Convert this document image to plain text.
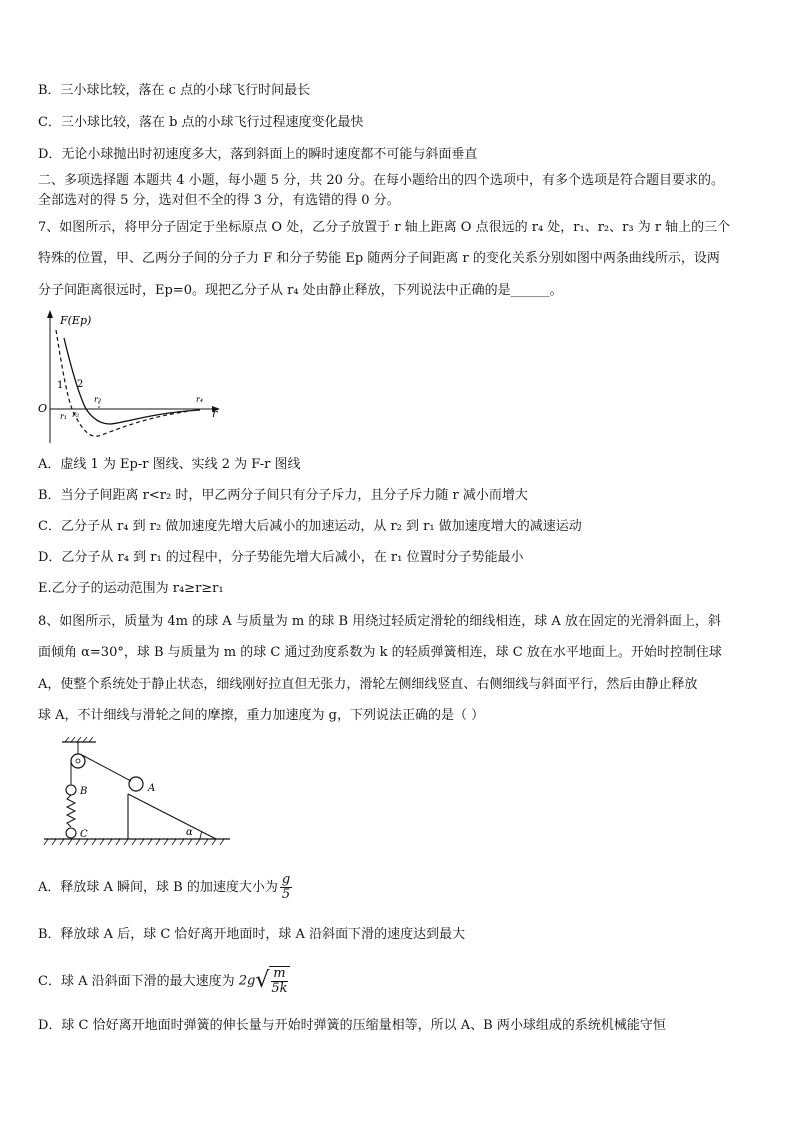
B．三小球比较，落在 c 点的小球飞行时间最长
C．三小球比较，落在 b 点的小球飞行过程速度变化最快
D．无论小球抛出时初速度多大，落到斜面上的瞬时速度都不可能与斜面垂直
二、多项选择题 本题共 4 小题，每小题 5 分，共 20 分。在每小题给出的四个选项中，有多个选项是符合题目要求的。
全部选对的得 5 分，选对但不全的得 3 分，有选错的得 0 分。
7、如图所示，将甲分子固定于坐标原点 O 处，乙分子放置于 r 轴上距离 O 点很远的 r₄ 处，r₁、r₂、r₃ 为 r 轴上的三个
特殊的位置，甲、乙两分子间的分子力 F 和分子势能 Ep 随两分子间距离 r 的变化关系分别如图中两条曲线所示，设两
分子间距离很远时，Ep=0。现把乙分子从 r₄ 处由静止释放，下列说法中正确的是______。
F(Ep)
O	r
1 2
r₁ r₂
r₃	r₄
A．虚线 1 为 Ep-r 图线、实线 2 为 F-r 图线
B．当分子间距离 r<r₂ 时，甲乙两分子间只有分子斥力，且分子斥力随 r 减小而增大
C．乙分子从 r₄ 到 r₂ 做加速度先增大后减小的加速运动，从 r₂ 到 r₁ 做加速度增大的减速运动
D．乙分子从 r₄ 到 r₁ 的过程中，分子势能先增大后减小，在 r₁ 位置时分子势能最小
E.乙分子的运动范围为 r₄≥r≥r₁
8、如图所示，质量为 4m 的球 A 与质量为 m 的球 B 用绕过轻质定滑轮的细线相连，球 A 放在固定的光滑斜面上，斜
面倾角 α=30°，球 B 与质量为 m 的球 C 通过劲度系数为 k 的轻质弹簧相连，球 C 放在水平地面上。开始时控制住球
A，使整个系统处于静止状态，细线刚好拉直但无张力，滑轮左侧细线竖直、右侧细线与斜面平行，然后由静止释放
球 A，不计细线与滑轮之间的摩擦，重力加速度为 g，下列说法正确的是（ ）
B
C	α
A
A．释放球 A 瞬间，球 B 的加速度大小为 $\frac{g}{5}$
B．释放球 A 后，球 C 恰好离开地面时，球 A 沿斜面下滑的速度达到最大
C．球 A 沿斜面下滑的最大速度为 $2g√ \frac{m}{5k}$
D．球 C 恰好离开地面时弹簧的伸长量与开始时弹簧的压缩量相等，所以 A、B 两小球组成的系统机械能守恒
